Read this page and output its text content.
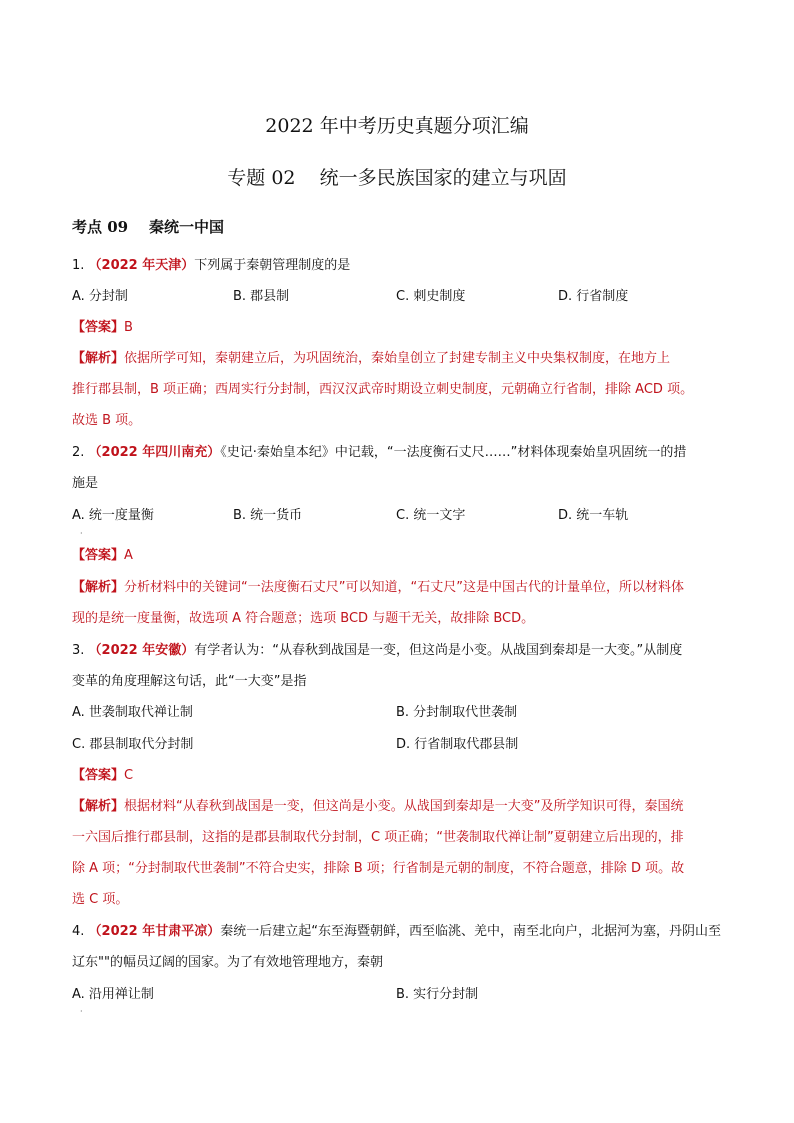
2022 年中考历史真题分项汇编
专题 02    统一多民族国家的建立与巩固
考点 09    秦统一中国
1. （2022 年天津）下列属于秦朝管理制度的是
A. 分封制	B. 郡县制	C. 刺史制度	D. 行省制度
【答案】B
【解析】依据所学可知，秦朝建立后，为巩固统治，秦始皇创立了封建专制主义中央集权制度，在地方上
推行郡县制，B 项正确；西周实行分封制，西汉汉武帝时期设立刺史制度，元朝确立行省制，排除 ACD 项。
故选 B 项。
2. （2022 年四川南充）《史记·秦始皇本纪》中记载，“一法度衡石丈尺……”材料体现秦始皇巩固统一的措
施是
A. 统一度量衡	B. 统一货币	C. 统一文字	D. 统一车轨
·
【答案】A
【解析】分析材料中的关键词“一法度衡石丈尺”可以知道，“石丈尺”这是中国古代的计量单位，所以材料体
现的是统一度量衡，故选项 A 符合题意；选项 BCD 与题干无关，故排除 BCD。
3. （2022 年安徽）有学者认为：“从春秋到战国是一变，但这尚是小变。从战国到秦却是一大变。”从制度
变革的角度理解这句话，此“一大变”是指
A. 世袭制取代禅让制	B. 分封制取代世袭制
C. 郡县制取代分封制	D. 行省制取代郡县制
【答案】C
【解析】根据材料“从春秋到战国是一变，但这尚是小变。从战国到秦却是一大变”及所学知识可得，秦国统
一六国后推行郡县制，这指的是郡县制取代分封制，C 项正确；“世袭制取代禅让制”夏朝建立后出现的，排
除 A 项；“分封制取代世袭制”不符合史实，排除 B 项；行省制是元朝的制度，不符合题意，排除 D 项。故
选 C 项。
4. （2022 年甘肃平凉）秦统一后建立起“东至海暨朝鲜，西至临洮、羌中，南至北向户，北据河为塞，丹阴山至
辽东""的幅员辽阔的国家。为了有效地管理地方，秦朝
A. 沿用禅让制	B. 实行分封制
·
